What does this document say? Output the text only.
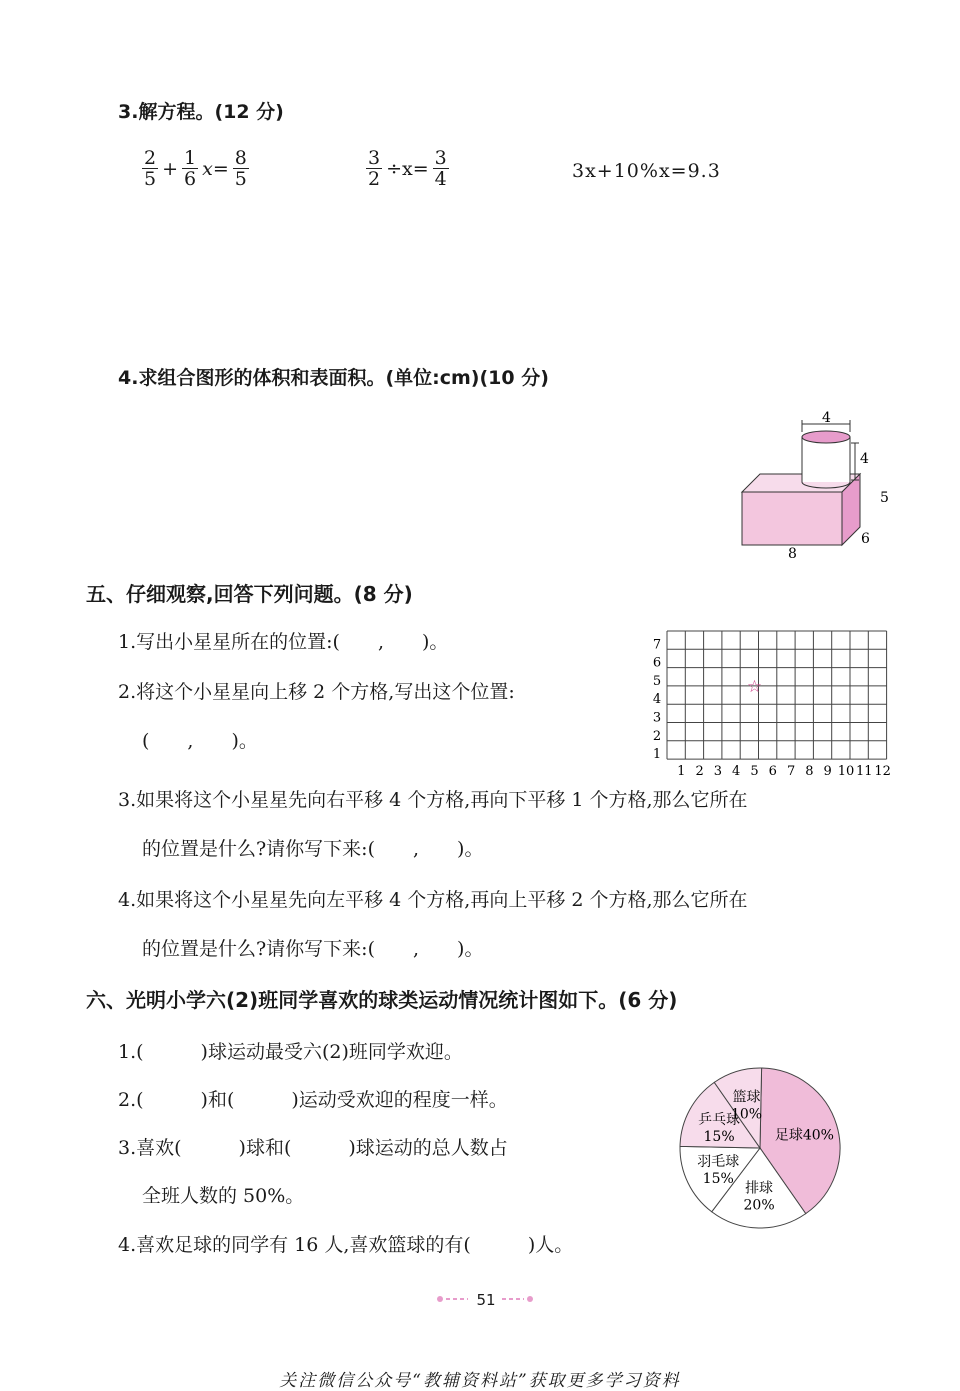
3.解方程。(12 分)
$\frac{2}{5} + \frac{1}{6} x= \frac{8}{5}$	$\frac{3}{2} \div x= \frac{3}{4}$	3x+10%x=9.3
4.求组合图形的体积和表面积。(单位:cm)(10 分)
4
4
5
6
8
五、仔细观察,回答下列问题。(8 分)
1.写出小星星所在的位置:(　　,　　)。
2.将这个小星星向上移 2 个方格,写出这个位置:
(　　,　　)。
3.如果将这个小星星先向右平移 4 个方格,再向下平移 1 个方格,那么它所在
的位置是什么?请你写下来:(　　,　　)。
4.如果将这个小星星先向左平移 4 个方格,再向上平移 2 个方格,那么它所在
的位置是什么?请你写下来:(　　,　　)。
1 2 3 4 5 6 7 8 9 10 11 12
1
2
3
4
5
6
7
☆
六、光明小学六(2)班同学喜欢的球类运动情况统计图如下。(6 分)
1.(　　　)球运动最受六(2)班同学欢迎。
2.(　　　)和(　　　)运动受欢迎的程度一样。
3.喜欢(　　　)球和(　　　)球运动的总人数占
全班人数的 50%。
4.喜欢足球的同学有 16 人,喜欢篮球的有(　　　)人。
足球40%
排球
20%
羽毛球
15%
乒乓球
15%
篮球
10%
51
关注微信公众号“教辅资料站”获取更多学习资料
